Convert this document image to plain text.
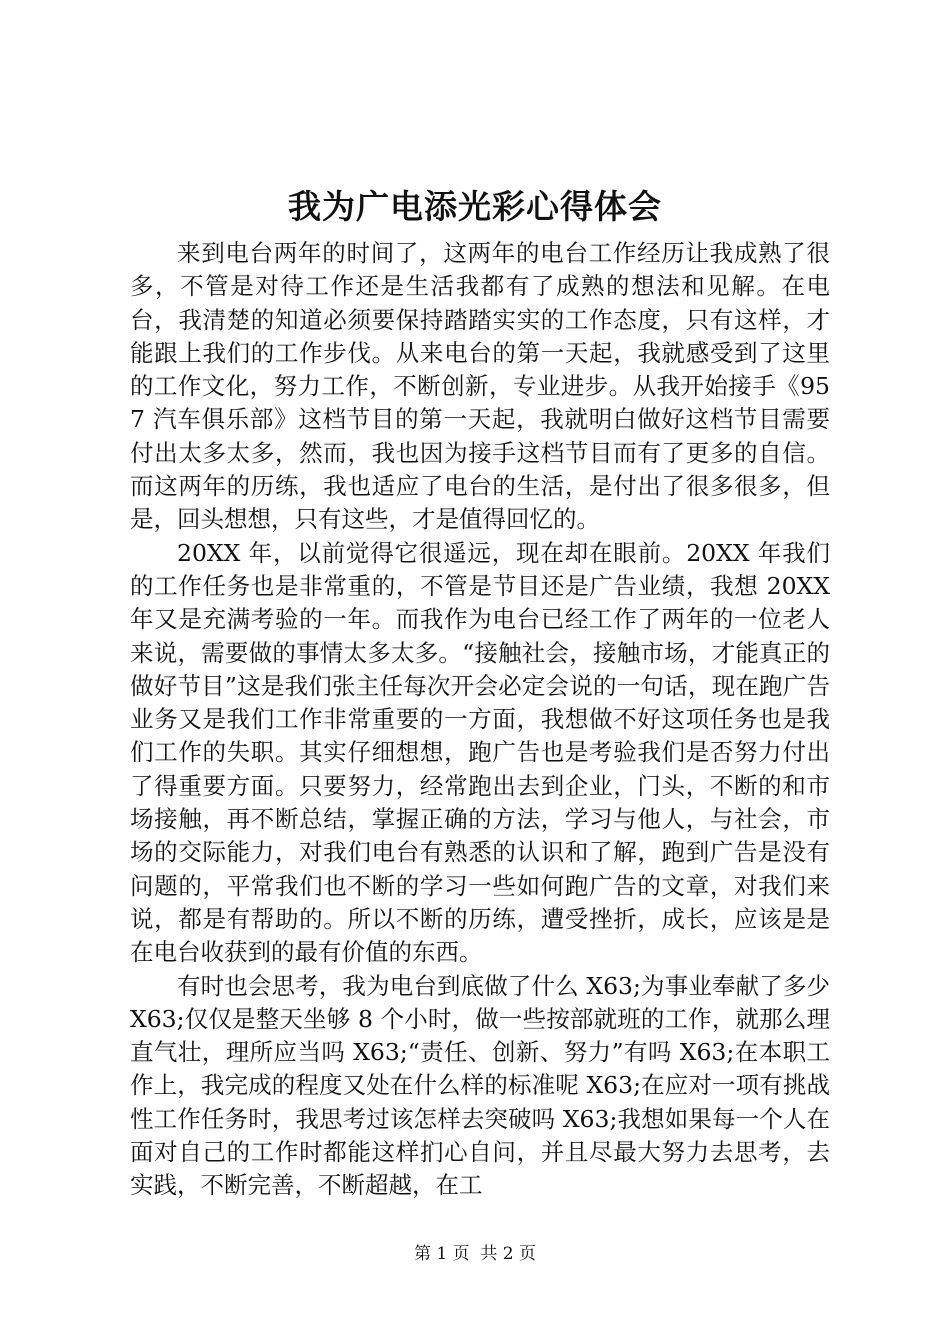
我为广电添光彩心得体会

来到电台两年的时间了，这两年的电台工作经历让我成熟了很多，不管是对待工作还是生活我都有了成熟的想法和见解。在电台，我清楚的知道必须要保持踏踏实实的工作态度，只有这样，才能跟上我们的工作步伐。从来电台的第一天起，我就感受到了这里的工作文化，努力工作，不断创新，专业进步。从我开始接手《957 汽车俱乐部》这档节目的第一天起，我就明白做好这档节目需要付出太多太多，然而，我也因为接手这档节目而有了更多的自信。而这两年的历练，我也适应了电台的生活，是付出了很多很多，但是，回头想想，只有这些，才是值得回忆的。

20XX 年，以前觉得它很遥远，现在却在眼前。20XX 年我们的工作任务也是非常重的，不管是节目还是广告业绩，我想 20XX 年又是充满考验的一年。而我作为电台已经工作了两年的一位老人来说，需要做的事情太多太多。“接触社会，接触市场，才能真正的做好节目”这是我们张主任每次开会必定会说的一句话，现在跑广告业务又是我们工作非常重要的一方面，我想做不好这项任务也是我们工作的失职。其实仔细想想，跑广告也是考验我们是否努力付出了得重要方面。只要努力，经常跑出去到企业，门头，不断的和市场接触，再不断总结，掌握正确的方法，学习与他人，与社会，市场的交际能力，对我们电台有熟悉的认识和了解，跑到广告是没有问题的，平常我们也不断的学习一些如何跑广告的文章，对我们来说，都是有帮助的。所以不断的历练，遭受挫折，成长，应该是是在电台收获到的最有价值的东西。

有时也会思考，我为电台到底做了什么 X63;为事业奉献了多少 X63;仅仅是整天坐够 8 个小时，做一些按部就班的工作，就那么理直气壮，理所应当吗 X63;“责任、创新、努力”有吗 X63;在本职工作上，我完成的程度又处在什么样的标准呢 X63;在应对一项有挑战性工作任务时，我思考过该怎样去突破吗 X63;我想如果每一个人在面对自己的工作时都能这样扪心自问，并且尽最大努力去思考，去实践，不断完善，不断超越，在工

第 1 页  共 2 页
